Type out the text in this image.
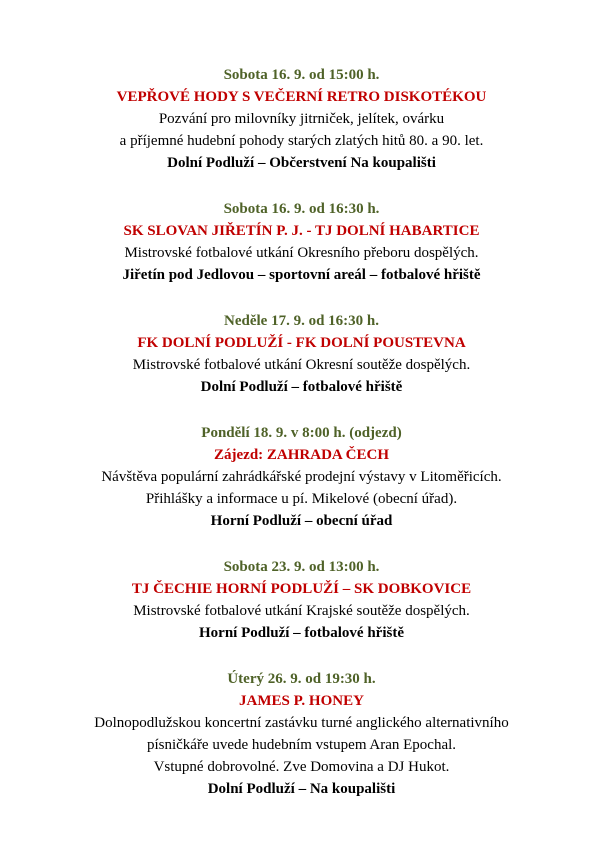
Sobota 16. 9. od 15:00 h.
VEPŘOVÉ HODY S VEČERNÍ RETRO DISKOTÉKOU
Pozvání pro milovníky jitrniček, jelítek, ovárku
a příjemné hudební pohody starých zlatých hitů 80. a 90. let.
Dolní Podluží – Občerstvení Na koupališti
Sobota 16. 9. od 16:30 h.
SK SLOVAN JIŘETÍN P. J. - TJ DOLNÍ HABARTICE
Mistrovské fotbalové utkání Okresního přeboru dospělých.
Jiřetín pod Jedlovou – sportovní areál – fotbalové hřiště
Neděle 17. 9. od 16:30 h.
FK DOLNÍ PODLUŽÍ - FK DOLNÍ POUSTEVNA
Mistrovské fotbalové utkání Okresní soutěže dospělých.
Dolní Podluží – fotbalové hřiště
Pondělí 18. 9. v 8:00 h. (odjezd)
Zájezd: ZAHRADA ČECH
Návštěva populární zahrádkářské prodejní výstavy v Litoměřicích.
Přihlášky a informace u pí. Mikelové (obecní úřad).
Horní Podluží – obecní úřad
Sobota 23. 9. od 13:00 h.
TJ ČECHIE HORNÍ PODLUŽÍ – SK DOBKOVICE
Mistrovské fotbalové utkání Krajské soutěže dospělých.
Horní Podluží – fotbalové hřiště
Úterý 26. 9. od 19:30 h.
JAMES P. HONEY
Dolnopodlužskou koncertní zastávku turné anglického alternativního
písničkáře uvede hudebním vstupem Aran Epochal.
Vstupné dobrovolné. Zve Domovina a DJ Hukot.
Dolní Podluží – Na koupališti
